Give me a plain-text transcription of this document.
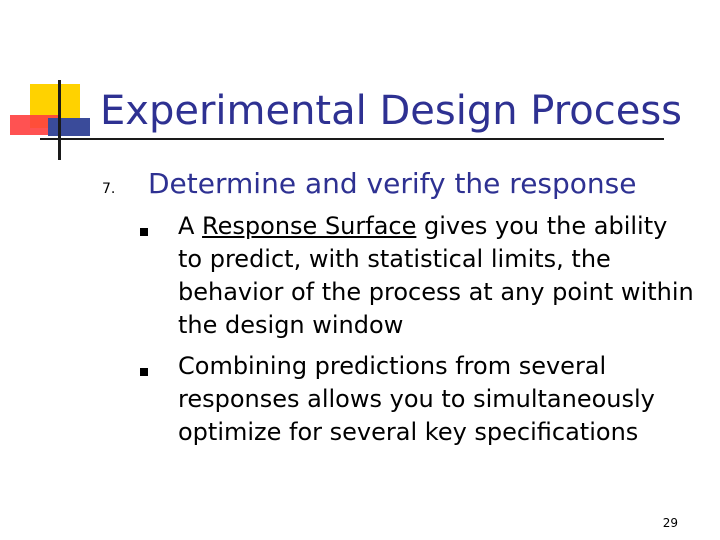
Experimental Design Process
7. Determine and verify the response
A Response Surface gives you the ability to predict, with statistical limits, the behavior of the process at any point within the design window
Combining predictions from several responses allows you to simultaneously optimize for several key specifications
29
